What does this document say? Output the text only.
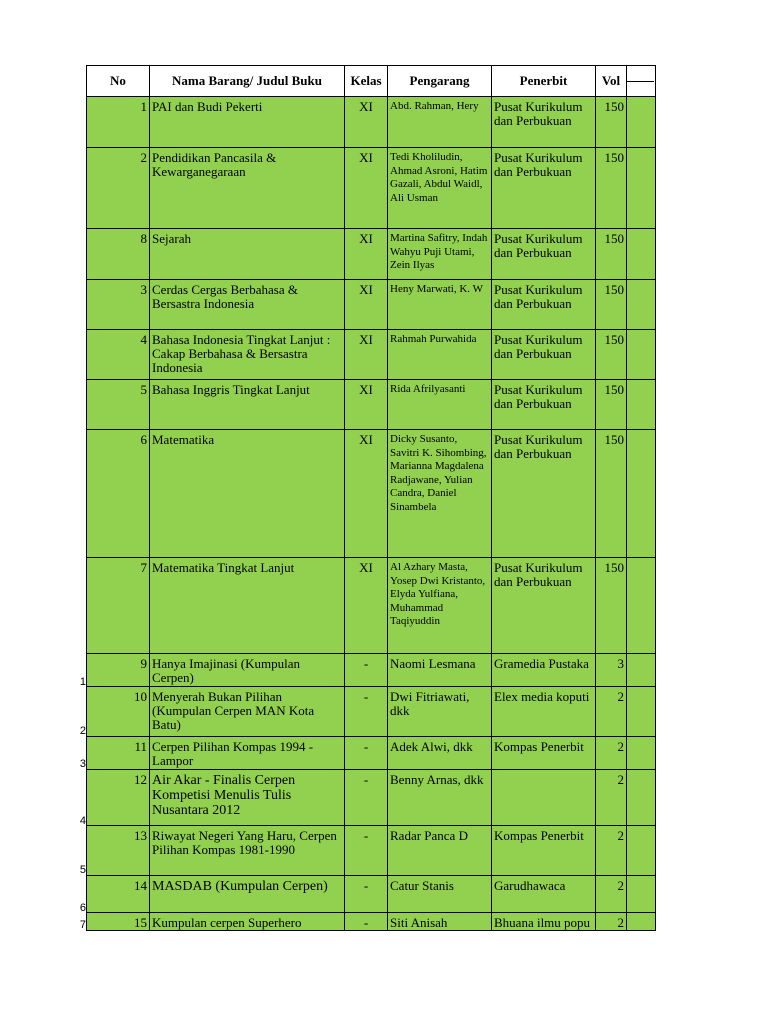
No	Nama Barang/ Judul Buku	Kelas	Pengarang	Penerbit	Vol	
1	PAI dan Budi Pekerti	XI	Abd. Rahman, Hery	Pusat Kurikulum dan Perbukuan	150	
2	Pendidikan Pancasila & Kewarganegaraan	XI	Tedi Kholiludin, Ahmad Asroni, Hatim Gazali, Abdul Waidl, Ali Usman	Pusat Kurikulum dan Perbukuan	150	
8	Sejarah	XI	Martina Safitry, Indah Wahyu Puji Utami, Zein Ilyas	Pusat Kurikulum dan Perbukuan	150	
3	Cerdas Cergas Berbahasa & Bersastra Indonesia	XI	Heny Marwati, K. W	Pusat Kurikulum dan Perbukuan	150	
4	Bahasa Indonesia Tingkat Lanjut : Cakap Berbahasa & Bersastra Indonesia	XI	Rahmah Purwahida	Pusat Kurikulum dan Perbukuan	150	
5	Bahasa Inggris Tingkat Lanjut	XI	Rida Afrilyasanti	Pusat Kurikulum dan Perbukuan	150	
6	Matematika	XI	Dicky Susanto, Savitri K. Sihombing, Marianna Magdalena Radjawane, Yulian Candra, Daniel Sinambela	Pusat Kurikulum dan Perbukuan	150	
7	Matematika Tingkat Lanjut	XI	Al Azhary Masta, Yosep Dwi Kristanto, Elyda Yulfiana, Muhammad Taqiyuddin	Pusat Kurikulum dan Perbukuan	150	
9	Hanya Imajinasi (Kumpulan Cerpen)	-	Naomi Lesmana	Gramedia Pustaka	3	
10	Menyerah Bukan Pilihan (Kumpulan Cerpen MAN Kota Batu)	-	Dwi Fitriawati, dkk	Elex media koputi	2	
11	Cerpen Pilihan Kompas 1994 - Lampor	-	Adek Alwi, dkk	Kompas Penerbit	2	
12	Air Akar - Finalis Cerpen Kompetisi Menulis Tulis Nusantara 2012	-	Benny Arnas, dkk		2	
13	Riwayat Negeri Yang Haru, Cerpen Pilihan Kompas 1981-1990	-	Radar Panca D	Kompas Penerbit	2	
14	MASDAB (Kumpulan Cerpen)	-	Catur Stanis	Garudhawaca	2	
15	Kumpulan cerpen Superhero	-	Siti Anisah	Bhuana ilmu popu	2	
1
2
3
4
5
6
7
